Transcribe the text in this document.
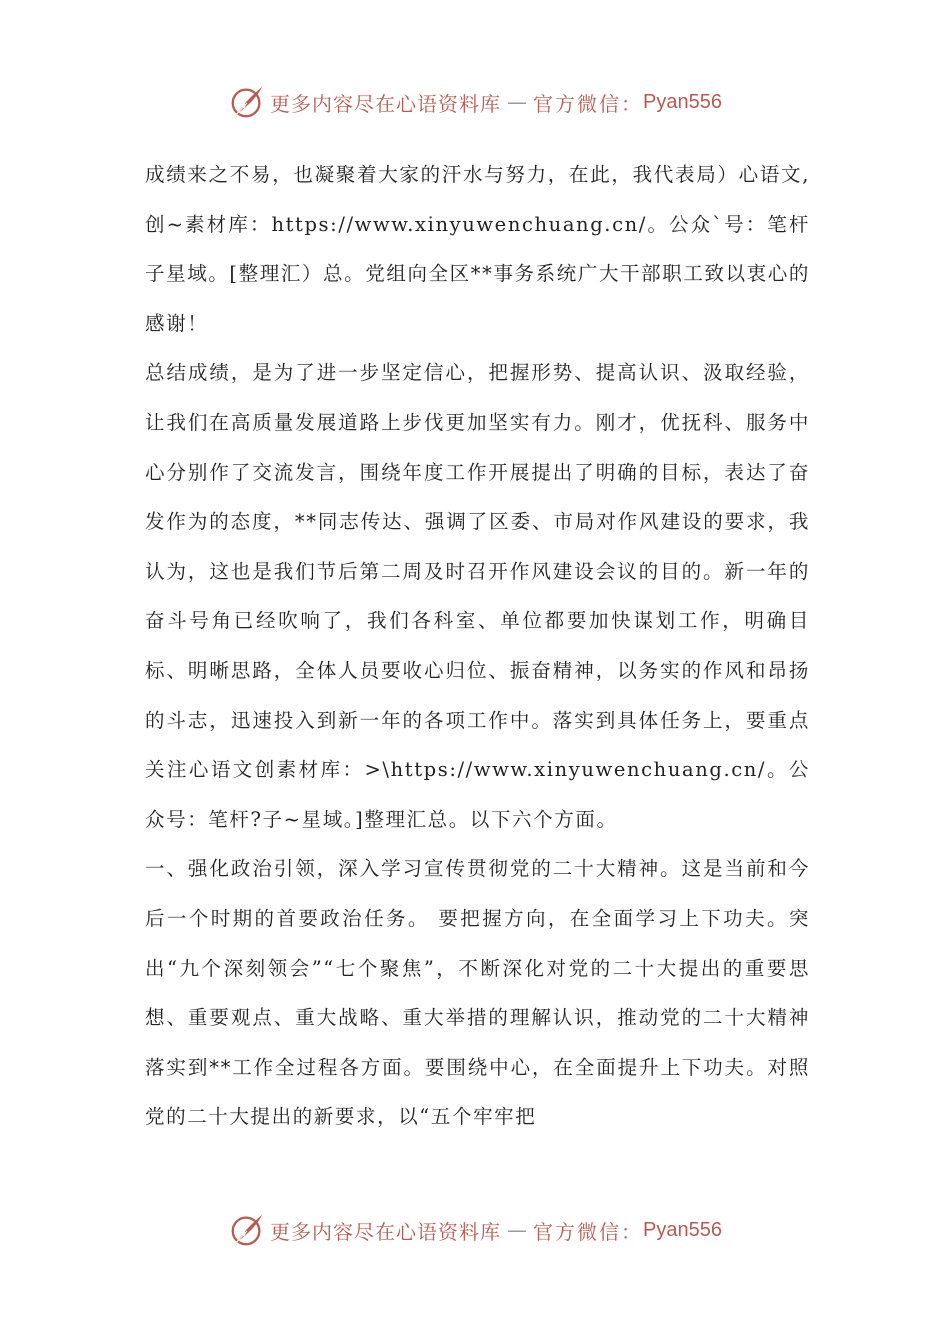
更多内容尽在心语资料库 — 官方微信： Pyan556

成绩来之不易，也凝聚着大家的汗水与努力，在此，我代表局）心语文,创~素材库：https://www.xinyuwenchuang.cn/。公众`号：笔杆子星域。[整理汇）总。党组向全区**事务系统广大干部职工致以衷心的感谢！

总结成绩，是为了进一步坚定信心，把握形势、提高认识、汲取经验，让我们在高质量发展道路上步伐更加坚实有力。刚才，优抚科、服务中心分别作了交流发言，围绕年度工作开展提出了明确的目标，表达了奋发作为的态度，**同志传达、强调了区委、市局对作风建设的要求，我认为，这也是我们节后第二周及时召开作风建设会议的目的。新一年的奋斗号角已经吹响了，我们各科室、单位都要加快谋划工作，明确目标、明晰思路，全体人员要收心归位、振奋精神，以务实的作风和昂扬的斗志，迅速投入到新一年的各项工作中。落实到具体任务上，要重点关注心语文创素材库：>\https://www.xinyuwenchuang.cn/。公众号：笔杆?子~星域。]整理汇总。以下六个方面。

一、强化政治引领，深入学习宣传贯彻党的二十大精神。这是当前和今后一个时期的首要政治任务。 要把握方向，在全面学习上下功夫。突出“九个深刻领会”“七个聚焦”，不断深化对党的二十大提出的重要思想、重要观点、重大战略、重大举措的理解认识，推动党的二十大精神落实到**工作全过程各方面。要围绕中心，在全面提升上下功夫。对照党的二十大提出的新要求，以“五个牢牢把

更多内容尽在心语资料库 — 官方微信： Pyan556
